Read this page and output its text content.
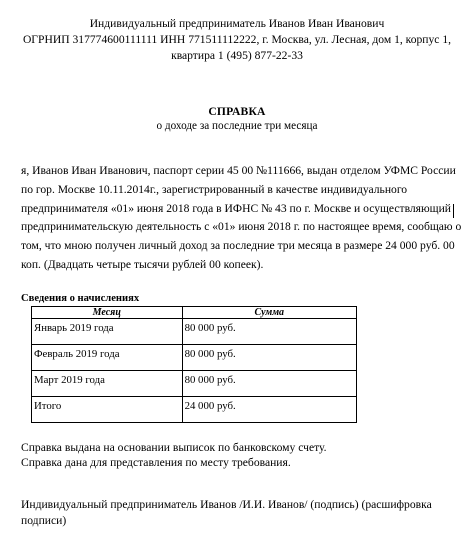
Индивидуальный предприниматель Иванов Иван Иванович
ОГРНИП 317774600111111 ИНН 771511112222, г. Москва, ул. Лесная, дом 1, корпус 1,
квартира 1 (495) 877-22-33
СПРАВКА
о доходе за последние три месяца
я, Иванов Иван Иванович, паспорт серии 45 00 №111666, выдан отделом УФМС России
по гор. Москве 10.11.2014г., зарегистрированный в качестве индивидуального
предпринимателя «01» июня 2018 года в ИФНС № 43 по г. Москве и осуществляющий
предпринимательскую деятельность с «01» июня 2018 г. по настоящее время, сообщаю о
том, что мною получен личный доход за последние три месяца в размере 24 000 руб. 00
коп. (Двадцать четыре тысячи рублей 00 копеек).
Сведения о начислениях
Месяц	Сумма
Январь 2019 года	80 000 руб.
Февраль 2019 года	80 000 руб.
Март 2019 года	80 000 руб.
Итого	24 000 руб.
Справка выдана на основании выписок по банковскому счету.
Справка дана для представления по месту требования.
Индивидуальный предприниматель Иванов /И.И. Иванов/ (подпись) (расшифровка
подписи)
